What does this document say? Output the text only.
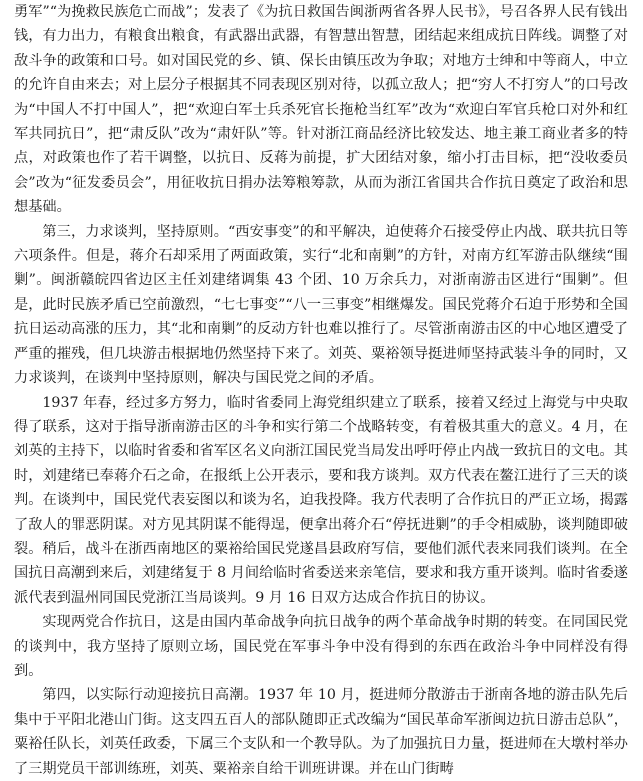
勇军”“为挽救民族危亡而战”；发表了《为抗日救国告闽浙两省各界人民书》，号召各界人民有钱出钱，有力出力，有粮食出粮食，有武器出武器，有智慧出智慧，团结起来组成抗日阵线。调整了对敌斗争的政策和口号。如对国民党的乡、镇、保长由镇压改为争取；对地方士绅和中等商人，中立的允许自由来去；对上层分子根据其不同表现区别对待，以孤立敌人；把“穷人不打穷人”的口号改为“中国人不打中国人”，把“欢迎白军士兵杀死官长拖枪当红军”改为“欢迎白军官兵枪口对外和红军共同抗日”，把“肃反队”改为“肃奸队”等。针对浙江商品经济比较发达、地主兼工商业者多的特点，对政策也作了若干调整，以抗日、反蒋为前提，扩大团结对象，缩小打击目标，把“没收委员会”改为“征发委员会”，用征收抗日捐办法筹粮筹款，从而为浙江省国共合作抗日奠定了政治和思想基础。

第三，力求谈判，坚持原则。“西安事变”的和平解决，迫使蒋介石接受停止内战、联共抗日等六项条件。但是，蒋介石却采用了两面政策，实行“北和南剿”的方针，对南方红军游击队继续“围剿”。闽浙赣皖四省边区主任刘建绪调集 43 个团、10 万余兵力，对浙南游击区进行“围剿”。但是，此时民族矛盾已空前激烈，“七七事变”“八一三事变”相继爆发。国民党蒋介石迫于形势和全国抗日运动高涨的压力，其“北和南剿”的反动方针也难以推行了。尽管浙南游击区的中心地区遭受了严重的摧残，但几块游击根据地仍然坚持下来了。刘英、粟裕领导挺进师坚持武装斗争的同时，又力求谈判，在谈判中坚持原则，解决与国民党之间的矛盾。

1937 年春，经过多方努力，临时省委同上海党组织建立了联系，接着又经过上海党与中央取得了联系，这对于指导浙南游击区的斗争和实行第二个战略转变，有着极其重大的意义。4 月，在刘英的主持下，以临时省委和省军区名义向浙江国民党当局发出呼吁停止内战一致抗日的文电。其时，刘建绪已奉蒋介石之命，在报纸上公开表示，要和我方谈判。双方代表在鳌江进行了三天的谈判。在谈判中，国民党代表妄图以和谈为名，迫我投降。我方代表明了合作抗日的严正立场，揭露了敌人的罪恶阴谋。对方见其阴谋不能得逞，便拿出蒋介石“停抚进剿”的手令相威胁，谈判随即破裂。稍后，战斗在浙西南地区的粟裕给国民党遂昌县政府写信，要他们派代表来同我们谈判。在全国抗日高潮到来后，刘建绪复于 8 月间给临时省委送来亲笔信，要求和我方重开谈判。临时省委遂派代表到温州同国民党浙江当局谈判。9 月 16 日双方达成合作抗日的协议。

实现两党合作抗日，这是由国内革命战争向抗日战争的两个革命战争时期的转变。在同国民党的谈判中，我方坚持了原则立场，国民党在军事斗争中没有得到的东西在政治斗争中同样没有得到。

第四，以实际行动迎接抗日高潮。1937 年 10 月，挺进师分散游击于浙南各地的游击队先后集中于平阳北港山门街。这支四五百人的部队随即正式改编为“国民革命军浙闽边抗日游击总队”，粟裕任队长，刘英任政委，下属三个支队和一个教导队。为了加强抗日力量，挺进师在大墩村举办了三期党员干部训练班，刘英、粟裕亲自给干训班讲课。并在山门街畴
